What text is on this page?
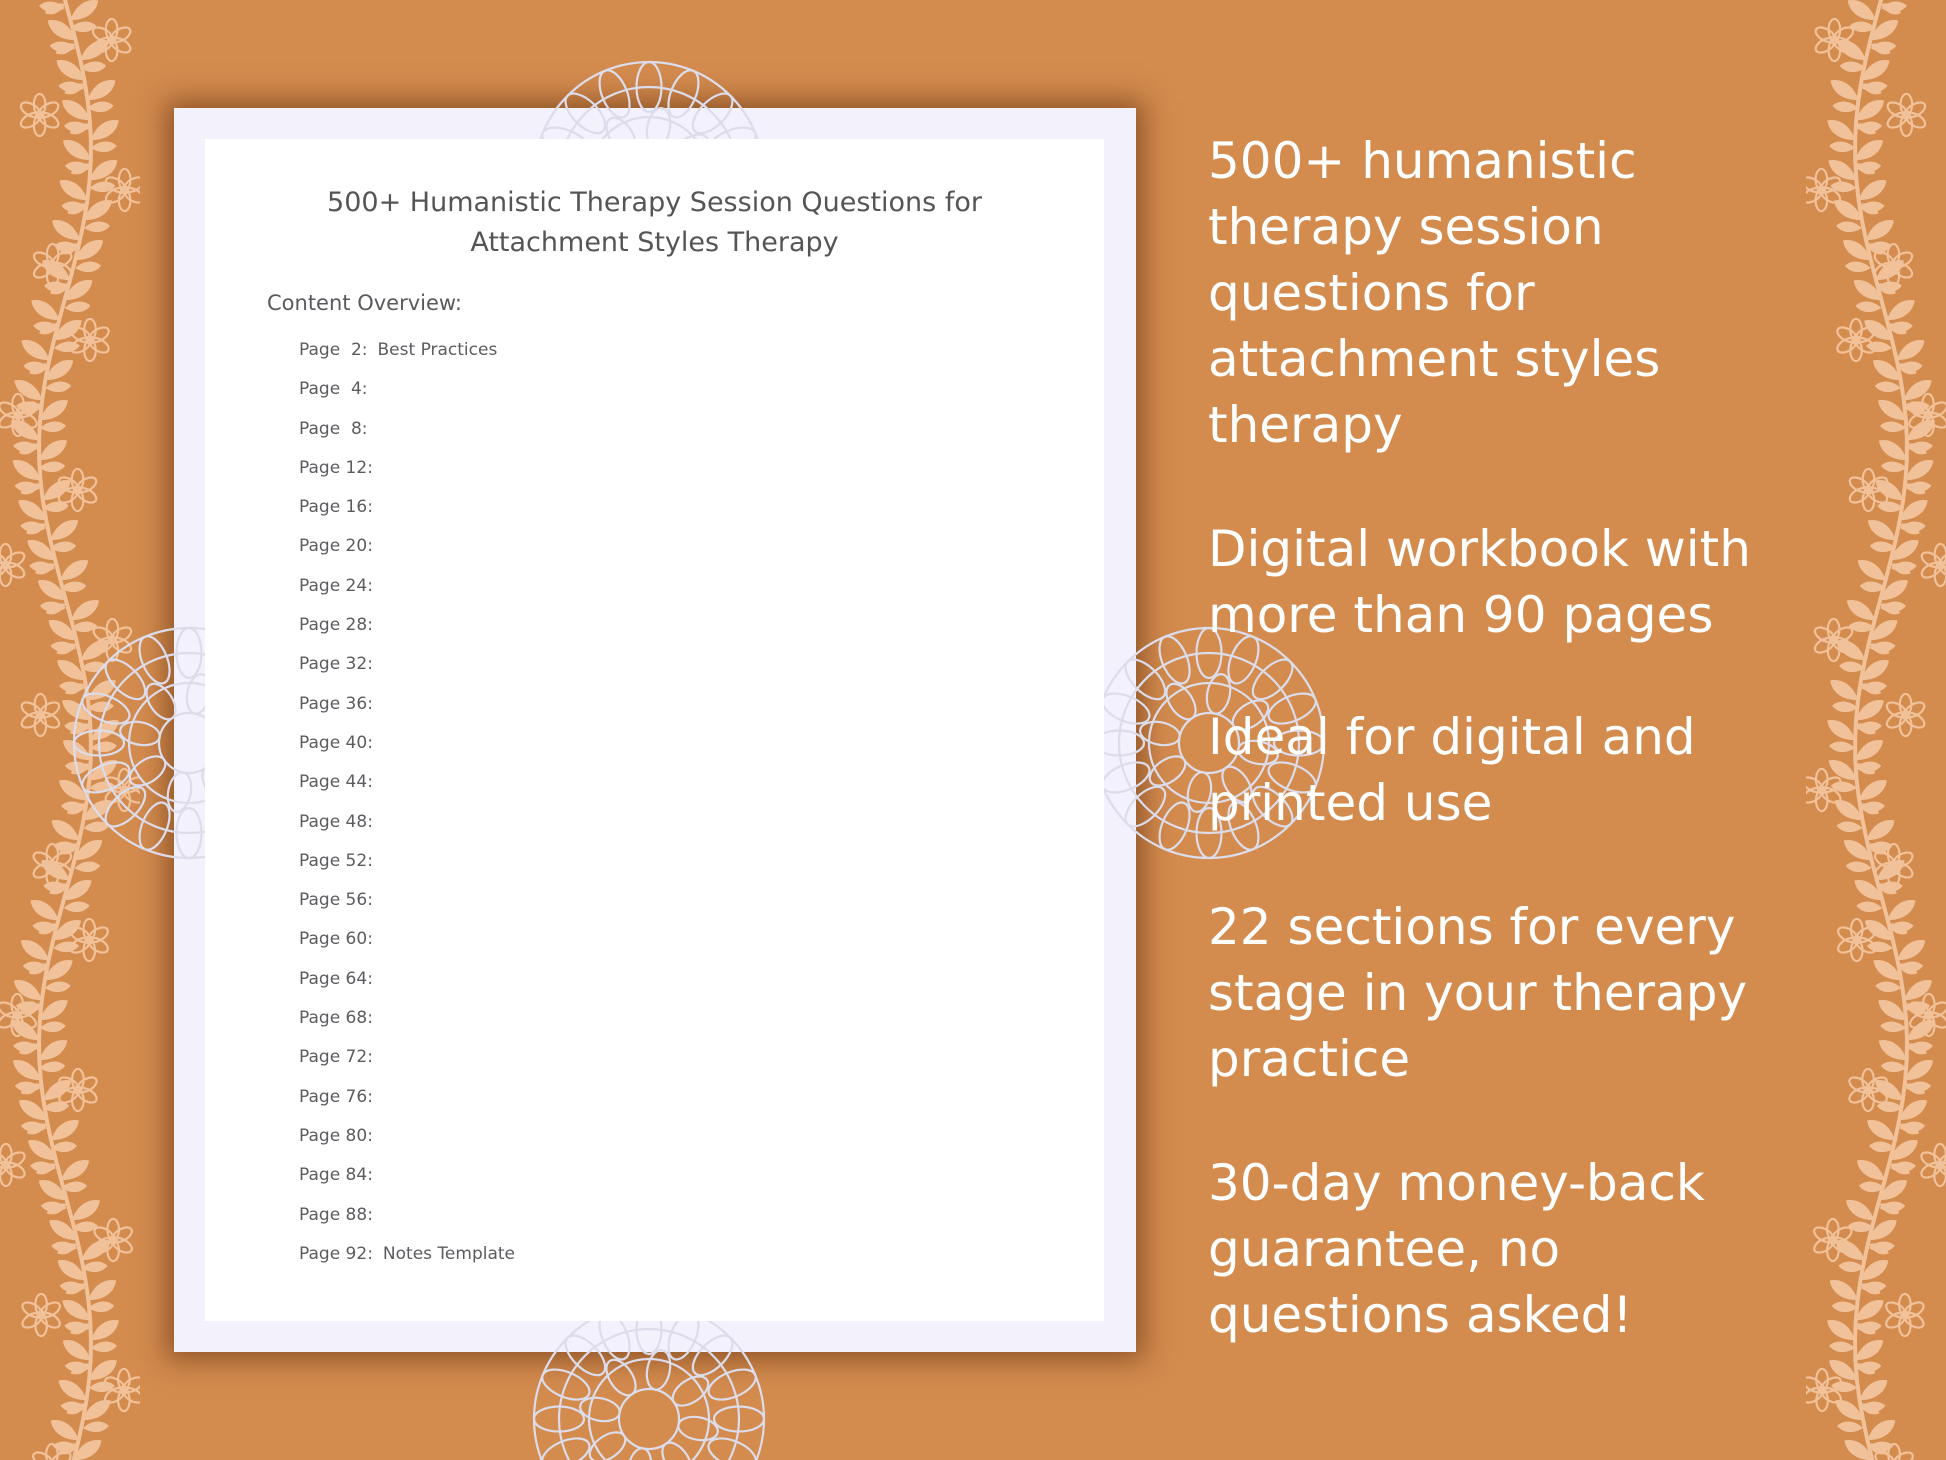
500+ Humanistic Therapy Session Questions for
Attachment Styles Therapy
Content Overview:
Page  2: Best Practices
Page  4:
Page  8:
Page 12:
Page 16:
Page 20:
Page 24:
Page 28:
Page 32:
Page 36:
Page 40:
Page 44:
Page 48:
Page 52:
Page 56:
Page 60:
Page 64:
Page 68:
Page 72:
Page 76:
Page 80:
Page 84:
Page 88:
Page 92: Notes Template

500+ humanistic
therapy session
questions for
attachment styles
therapy

Digital workbook with
more than 90 pages

Ideal for digital and
printed use

22 sections for every
stage in your therapy
practice

30-day money-back
guarantee, no
questions asked!
